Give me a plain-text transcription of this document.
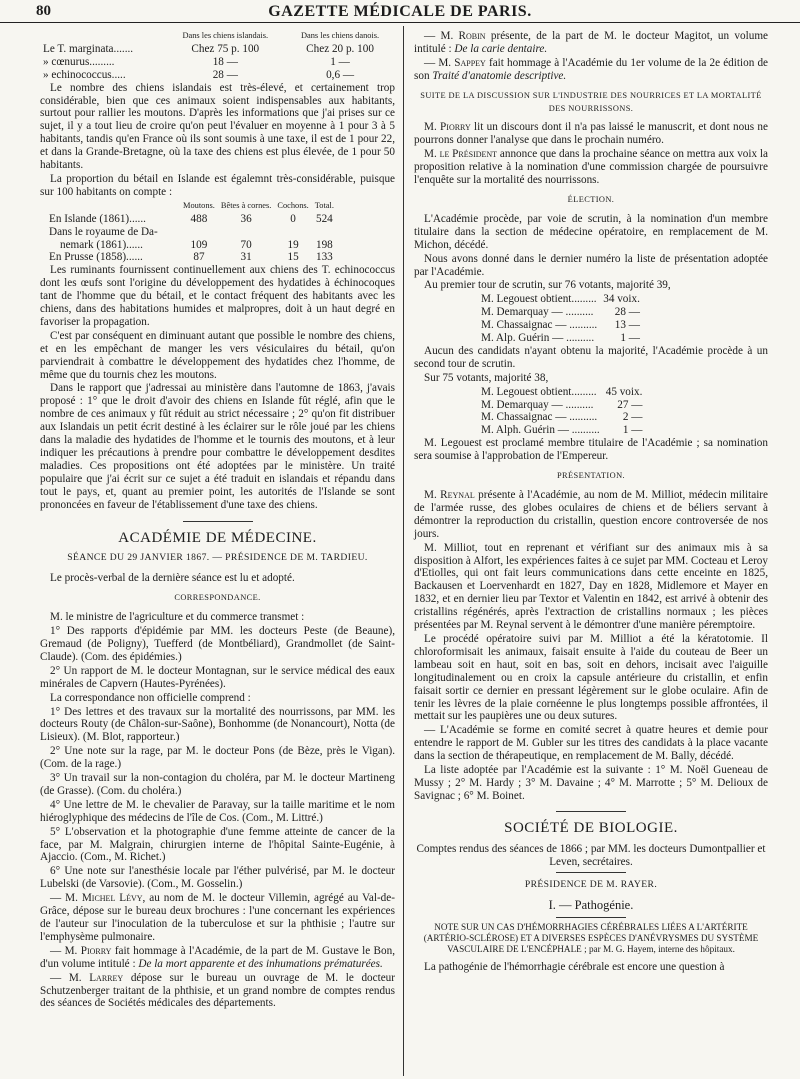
80	GAZETTE MÉDICALE DE PARIS.
	Dans les chiens islandais.	Dans les chiens danois.
Le T. marginata.......	Chez 75 p. 100	Chez 20 p. 100
» cœnurus.........	18 —	1 —
» echinococcus.....	28 —	0,6 —

Le nombre des chiens islandais est très-élevé, et certainement trop considérable, bien que ces animaux soient indispensables aux habitants, surtout pour rallier les moutons. D'après les informations que j'ai prises sur ce sujet, il y a tout lieu de croire qu'on peut l'évaluer en moyenne à 1 pour 3 à 5 habitants, tandis qu'en France où ils sont soumis à une taxe, il est de 1 pour 22, et dans la Grande-Bretagne, où la taxe des chiens est plus élevée, de 1 pour 50 habitants.

La proportion du bétail en Islande est égalemnt très-considérable, puisque sur 100 habitants on compte :

	Moutons.	Bêtes à cornes.	Cochons.	Total.
En Islande (1861)......	488	36	0	524
Dans le royaume de Da-				
nemark (1861)......	109	70	19	198
En Prusse (1858)......	87	31	15	133

Les ruminants fournissent continuellement aux chiens des T. echinococcus dont les œufs sont l'origine du développement des hydatides à échinocoques tant de l'homme que du bétail, et le contact fréquent des habitants avec les chiens, dans des habitations humides et malpropres, doit à un haut degré en favoriser la propagation.

C'est par conséquent en diminuant autant que possible le nombre des chiens, et en les empêchant de manger les vers vésiculaires du bétail, qu'on parviendrait à combattre le développement des hydatides chez l'homme, de même que du tournis chez les moutons.

Dans le rapport que j'adressai au ministère dans l'automne de 1863, j'avais proposé : 1° que le droit d'avoir des chiens en Islande fût réglé, afin que le nombre de ces animaux y fût réduit au strict nécessaire ; 2° qu'on fit distribuer aux Islandais un petit écrit destiné à les éclairer sur le rôle joué par les chiens dans la maladie des hydatides de l'homme et le tournis des moutons, et à leur indiquer les précautions à prendre pour combattre le développement desdites maladies. Ces propositions ont été adoptées par le ministère. Un traité populaire que j'ai écrit sur ce sujet a été traduit en islandais et répandu dans tout le pays, et, quant au premier point, les autorités de l'Islande se sont prononcées en faveur de l'établissement d'une taxe des chiens.

ACADÉMIE DE MÉDECINE.
SÉANCE DU 29 JANVIER 1867. — PRÉSIDENCE DE M. TARDIEU.

Le procès-verbal de la dernière séance est lu et adopté.

CORRESPONDANCE.

M. le ministre de l'agriculture et du commerce transmet :

1° Des rapports d'épidémie par MM. les docteurs Peste (de Beaune), Gremaud (de Poligny), Tuefferd (de Montbéliard), Grandmollet (de Saint-Claude). (Com. des épidémies.)

2° Un rapport de M. le docteur Montagnan, sur le service médical des eaux minérales de Capvern (Hautes-Pyrénées).

La correspondance non officielle comprend :

1° Des lettres et des travaux sur la mortalité des nourrissons, par MM. les docteurs Routy (de Châlon-sur-Saône), Bonhomme (de Nonancourt), Notta (de Lisieux). (M. Blot, rapporteur.)

2° Une note sur la rage, par M. le docteur Pons (de Bèze, près le Vigan). (Com. de la rage.)

3° Un travail sur la non-contagion du choléra, par M. le docteur Martineng (de Grasse). (Com. du choléra.)

4° Une lettre de M. le chevalier de Paravay, sur la taille maritime et le nom hiéroglyphique des médecins de l'île de Cos. (Com., M. Littré.)

5° L'observation et la photographie d'une femme atteinte de cancer de la face, par M. Malgrain, chirurgien interne de l'hôpital Sainte-Eugénie, à Ajaccio. (Com., M. Richet.)

6° Une note sur l'anesthésie locale par l'éther pulvérisé, par M. le docteur Lubelski (de Varsovie). (Com., M. Gosselin.)

— M. Michel Lévy, au nom de M. le docteur Villemin, agrégé au Val-de-Grâce, dépose sur le bureau deux brochures : l'une concernant les expériences de l'auteur sur l'inoculation de la tuberculose et sur la phthisie ; l'autre sur l'emphysème pulmonaire.

— M. Piorry fait hommage à l'Académie, de la part de M. Gustave le Bon, d'un volume intitulé : De la mort apparente et des inhumations prématurées.

— M. Larrey dépose sur le bureau un ouvrage de M. le docteur Schutzenberger traitant de la phthisie, et un grand nombre de comptes rendus des séances de Sociétés médicales des départements.

— M. Robin présente, de la part de M. le docteur Magitot, un volume intitulé : De la carie dentaire.

— M. Sappey fait hommage à l'Académie du 1er volume de la 2e édition de son Traité d'anatomie descriptive.

SUITE DE LA DISCUSSION SUR L'INDUSTRIE DES NOURRICES ET LA MORTALITÉ DES NOURRISSONS.

M. Piorry lit un discours dont il n'a pas laissé le manuscrit, et dont nous ne pourrons donner l'analyse que dans le prochain numéro.

M. le Président annonce que dans la prochaine séance on mettra aux voix la proposition relative à la nomination d'une commission chargée de poursuivre l'enquête sur la mortalité des nourrissons.

ÉLECTION.

L'Académie procède, par voie de scrutin, à la nomination d'un membre titulaire dans la section de médecine opératoire, en remplacement de M. Michon, décédé.

Nous avons donné dans le dernier numéro la liste de présentation adoptée par l'Académie.

Au premier tour de scrutin, sur 76 votants, majorité 39,

M. Legouest obtient.........	34 voix.
M. Demarquay — ..........	28 —
M. Chassaignac — ..........	13 —
M. Alp. Guérin — ..........	1 —

Aucun des candidats n'ayant obtenu la majorité, l'Académie procède à un second tour de scrutin.

Sur 75 votants, majorité 38,

M. Legouest obtient.........	45 voix.
M. Demarquay — ..........	27 —
M. Chassaignac — ..........	2 —
M. Alph. Guérin — ..........	1 —

M. Legouest est proclamé membre titulaire de l'Académie ; sa nomination sera soumise à l'approbation de l'Empereur.

PRÉSENTATION.

M. Reynal présente à l'Académie, au nom de M. Milliot, médecin militaire de l'armée russe, des globes oculaires de chiens et de béliers servant à démontrer la reproduction du cristallin, question encore controversée de nos jours.

M. Milliot, tout en reprenant et vérifiant sur des animaux mis à sa disposition à Alfort, les expériences faites à ce sujet par MM. Cocteau et Leroy d'Etiolles, qui ont fait leurs communications dans cette enceinte en 1825, Backausen et Loervenhardt en 1827, Day en 1828, Midlemore et Mayer en 1832, et en dernier lieu par Textor et Valentin en 1842, est arrivé à obtenir des cristallins régénérés, après l'extraction de cristallins normaux ; les pièces présentées par M. Reynal servent à le démontrer d'une manière péremptoire.

Le procédé opératoire suivi par M. Milliot a été la kératotomie. Il chloroformisait les animaux, faisait ensuite à l'aide du couteau de Beer un lambeau soit en haut, soit en bas, soit en dehors, incisait avec l'aiguille longitudinalement ou en croix la capsule antérieure du cristallin, et enfin faisait sortir ce dernier en pressant légèrement sur le globe oculaire. Afin de tenir les lèvres de la plaie cornéenne le plus longtemps possible affrontées, il mettait sur les paupières une ou deux sutures.

— L'Académie se forme en comité secret à quatre heures et demie pour entendre le rapport de M. Gubler sur les titres des candidats à la place vacante dans la section de thérapeutique, en remplacement de M. Bally, décédé.

La liste adoptée par l'Académie est la suivante : 1° M. Noël Gueneau de Mussy ; 2° M. Hardy ; 3° M. Davaine ; 4° M. Marrotte ; 5° M. Delioux de Savignac ; 6° M. Boinet.

SOCIÉTÉ DE BIOLOGIE.

Comptes rendus des séances de 1866 ; par MM. les docteurs Dumontpallier et Leven, secrétaires.

PRÉSIDENCE DE M. RAYER.
I. — Pathogénie.

NOTE SUR UN CAS D'HÉMORRHAGIES CÉRÉBRALES LIÉES A L'ARTÉRITE (ARTÉRIO-SCLÉROSE) ET A DIVERSES ESPÈCES D'ANÉVRYSMES DU SYSTÈME VASCULAIRE DE L'ENCÉPHALE ; par M. G. Hayem, interne des hôpitaux.

La pathogénie de l'hémorrhagie cérébrale est encore une question à
